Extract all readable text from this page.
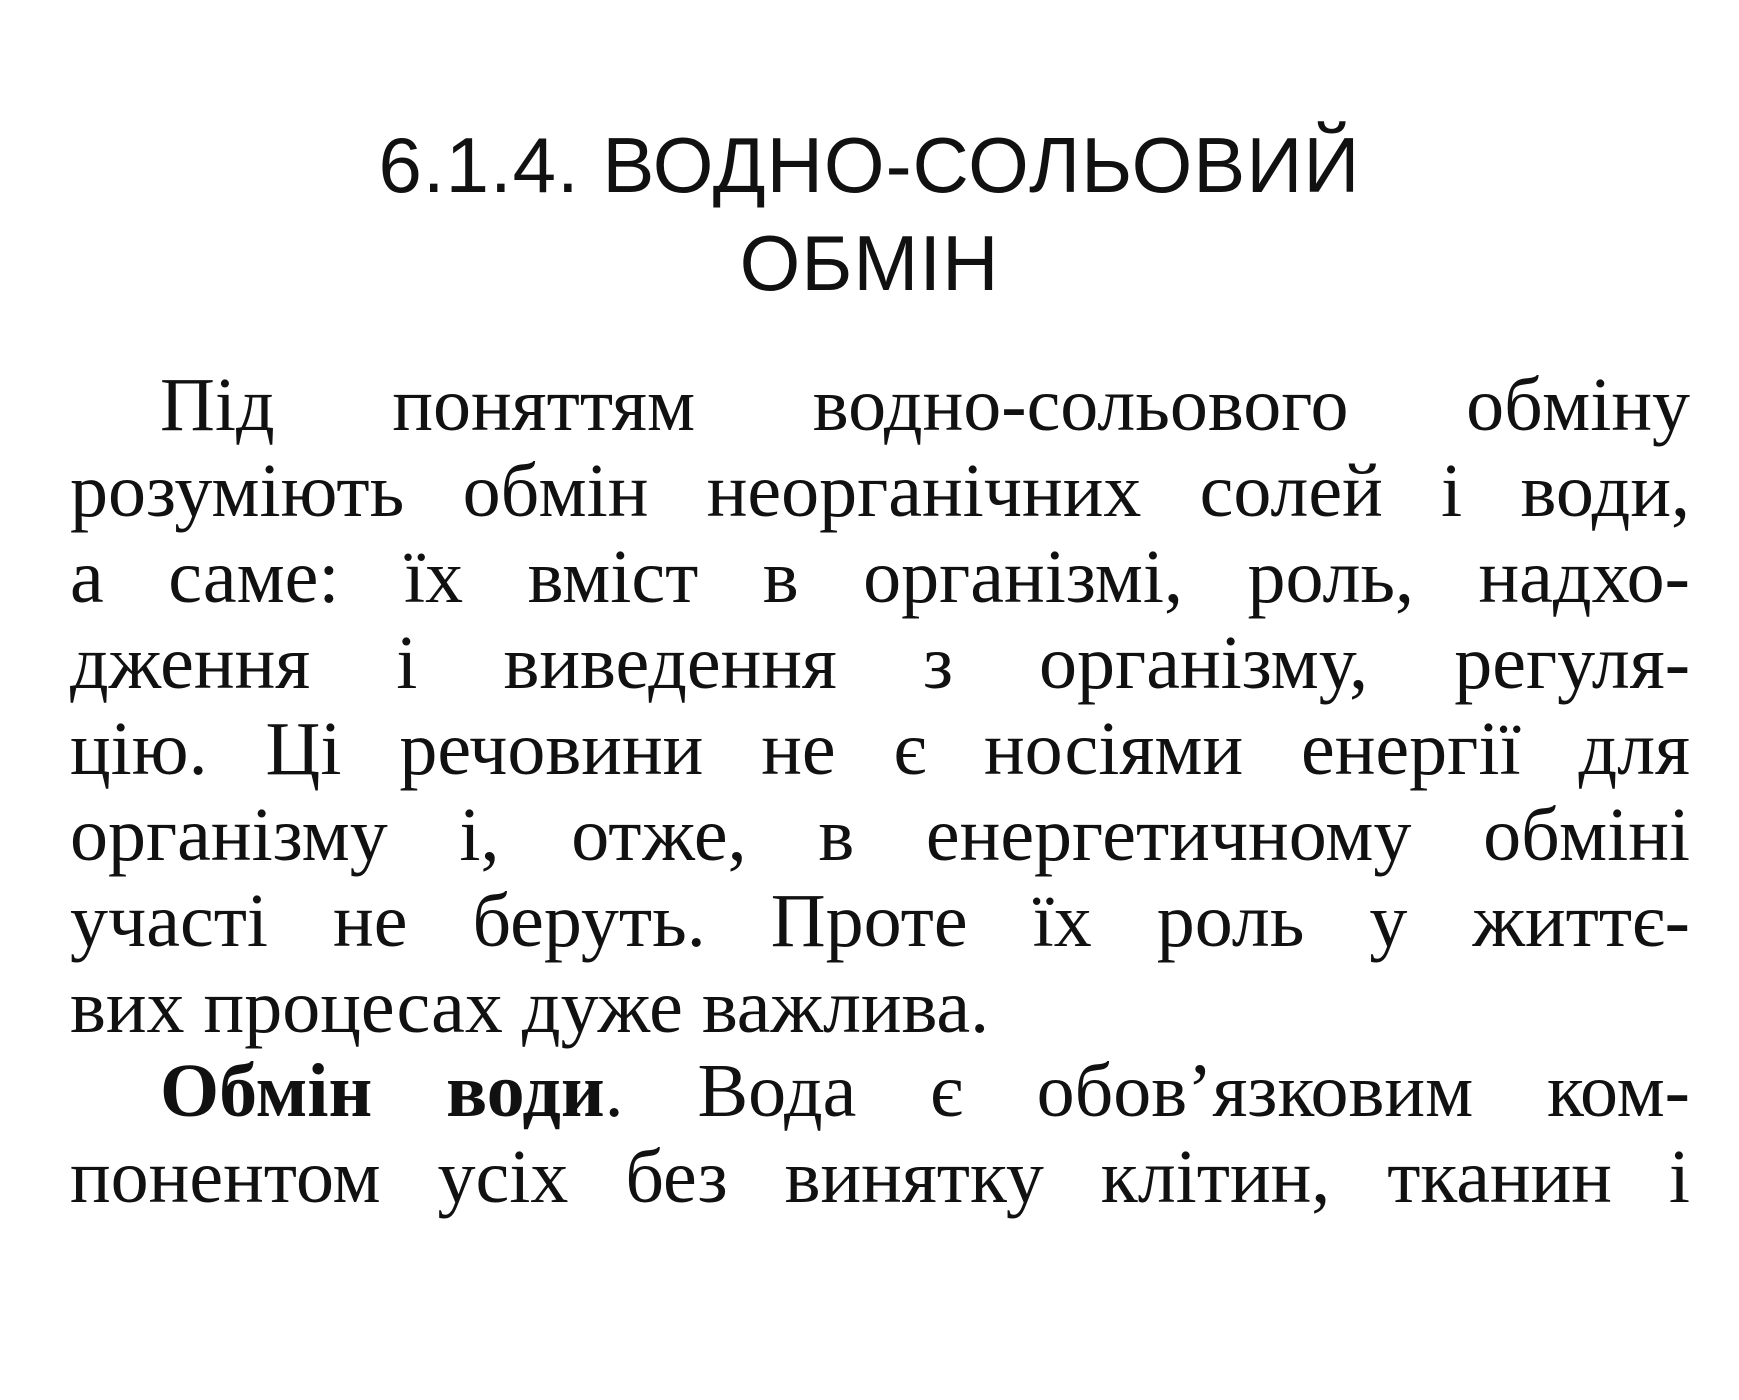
6.1.4. ВОДНО-СОЛЬОВИЙ
ОБМІН
Під поняттям водно-сольового обміну
розуміють обмін неорганічних солей і води,
а саме: їх вміст в організмі, роль, надхо-
дження і виведення з організму, регуля-
цію. Ці речовини не є носіями енергії для
організму і, отже, в енергетичному обміні
участі не беруть. Проте їх роль у життє-
вих процесах дуже важлива.
Обмін води. Вода є обов’язковим ком-
понентом усіх без винятку клітин, тканин і
